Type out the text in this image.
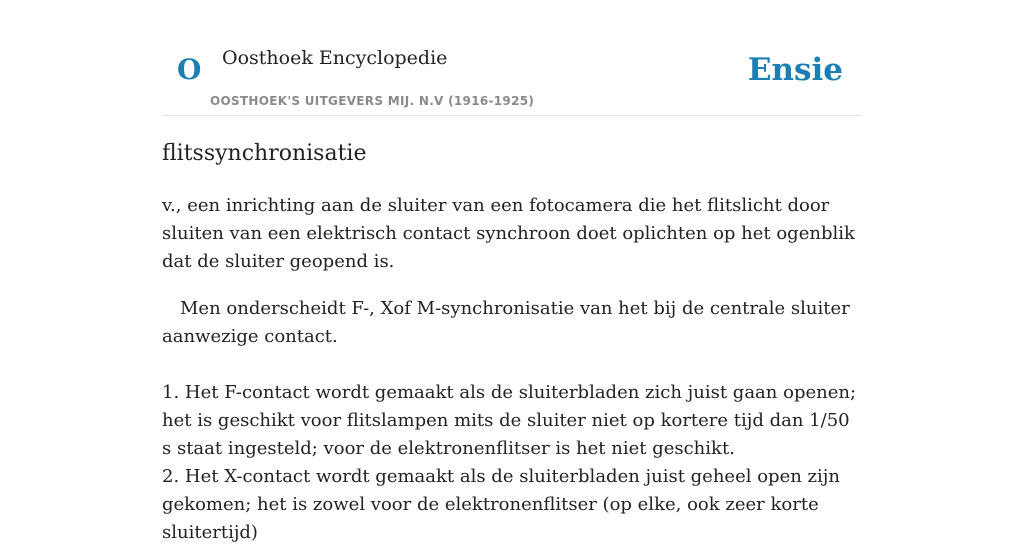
O Oosthoek Encyclopedie
OOSTHOEK'S UITGEVERS MIJ. N.V (1916-1925)
Ensie
flitssynchronisatie

v., een inrichting aan de sluiter van een fotocamera die het flitslicht door sluiten van een elektrisch contact synchroon doet oplichten op het ogenblik dat de sluiter geopend is.

Men onderscheidt F-, Xof M-synchronisatie van het bij de centrale sluiter aanwezige contact.

1. Het F-contact wordt gemaakt als de sluiterbladen zich juist gaan openen; het is geschikt voor flitslampen mits de sluiter niet op kortere tijd dan 1/50 s staat ingesteld; voor de elektronenflitser is het niet geschikt.

2. Het X-contact wordt gemaakt als de sluiterbladen juist geheel open zijn gekomen; het is zowel voor de elektronenflitser (op elke, ook zeer korte sluitertijd)
